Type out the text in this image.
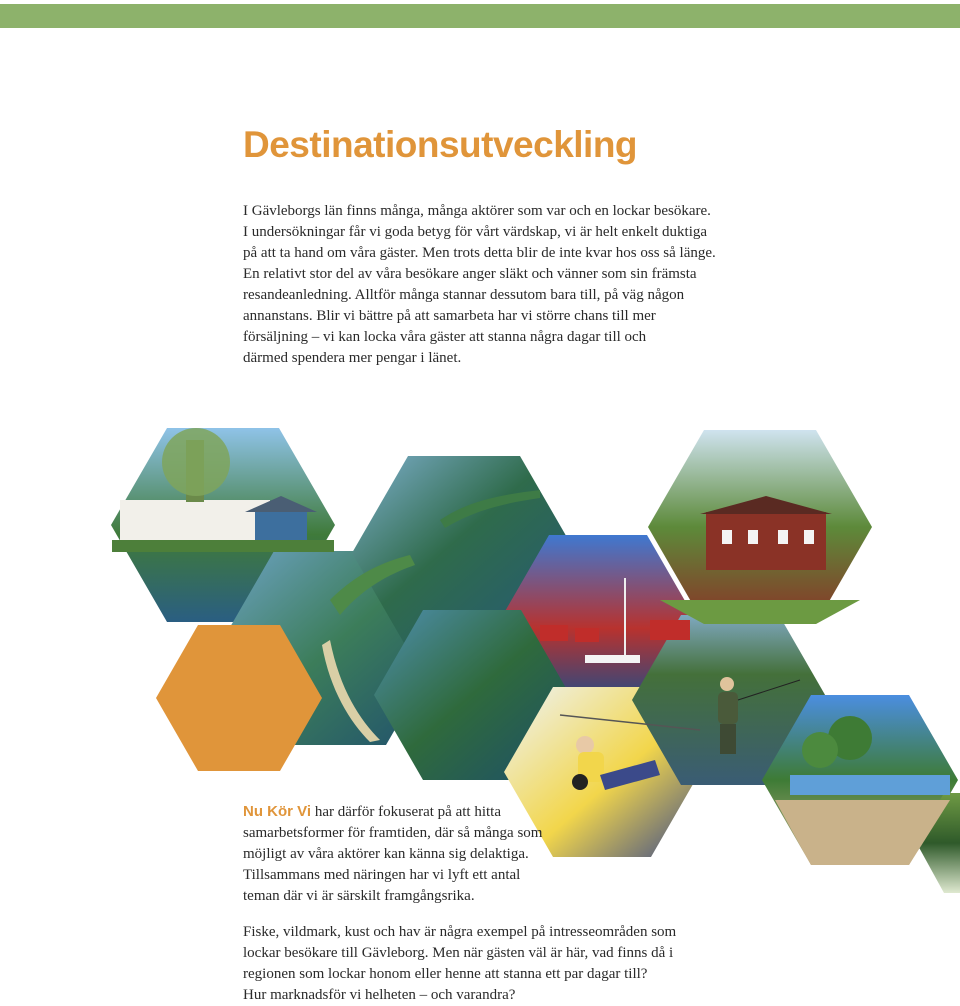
Destinationsutveckling

I Gävleborgs län finns många, många aktörer som var och en lockar besökare.
I undersökningar får vi goda betyg för vårt värdskap, vi är helt enkelt duktiga
på att ta hand om våra gäster. Men trots detta blir de inte kvar hos oss så länge.
En relativt stor del av våra besökare anger släkt och vänner som sin främsta
resandeanledning. Alltför många stannar dessutom bara till, på väg någon
annanstans. Blir vi bättre på att samarbeta har vi större chans till mer
försäljning – vi kan locka våra gäster att stanna några dagar till och
därmed spendera mer pengar i länet.

Nu Kör Vi har därför fokuserat på att hitta
samarbetsformer för framtiden, där så många som
möjligt av våra aktörer kan känna sig delaktiga.
Tillsammans med näringen har vi lyft ett antal
teman där vi är särskilt framgångsrika.

Fiske, vildmark, kust och hav är några exempel på intresseområden som
lockar besökare till Gävleborg. Men när gästen väl är här, vad finns då i
regionen som lockar honom eller henne att stanna ett par dagar till?
Hur marknadsför vi helheten – och varandra?
